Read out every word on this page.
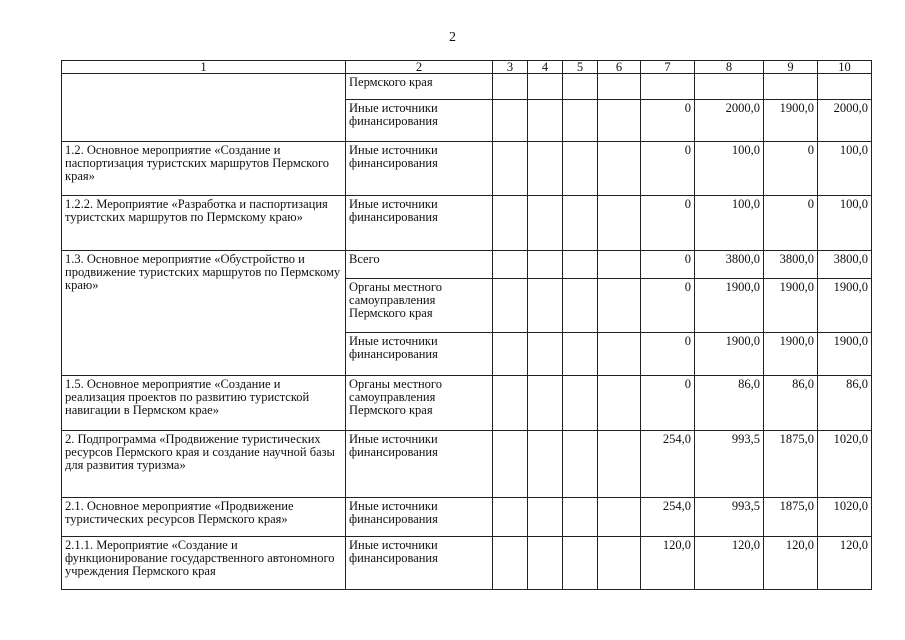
2
1	2	3	4	5	6	7	8	9	10
	Пермского края								
	Иные источники финансирования					0	2000,0	1900,0	2000,0
1.2. Основное мероприятие «Создание и паспортизация туристских маршрутов Пермского края»	Иные источники финансирования					0	100,0	0	100,0
1.2.2. Мероприятие «Разработка и паспортизация туристских маршрутов по Пермскому краю»	Иные источники финансирования					0	100,0	0	100,0
1.3. Основное мероприятие «Обустройство и продвижение туристских маршрутов по Пермскому краю»	Всего					0	3800,0	3800,0	3800,0
	Органы местного самоуправления Пермского края					0	1900,0	1900,0	1900,0
	Иные источники финансирования					0	1900,0	1900,0	1900,0
1.5. Основное мероприятие «Создание и реализация проектов по развитию туристской навигации в Пермском крае»	Органы местного самоуправления Пермского края					0	86,0	86,0	86,0
2. Подпрограмма «Продвижение туристических ресурсов Пермского края и создание научной базы для развития туризма»	Иные источники финансирования					254,0	993,5	1875,0	1020,0
2.1. Основное мероприятие «Продвижение туристических ресурсов Пермского края»	Иные источники финансирования					254,0	993,5	1875,0	1020,0
2.1.1. Мероприятие «Создание и функционирование государственного автономного учреждения Пермского края	Иные источники финансирования					120,0	120,0	120,0	120,0
